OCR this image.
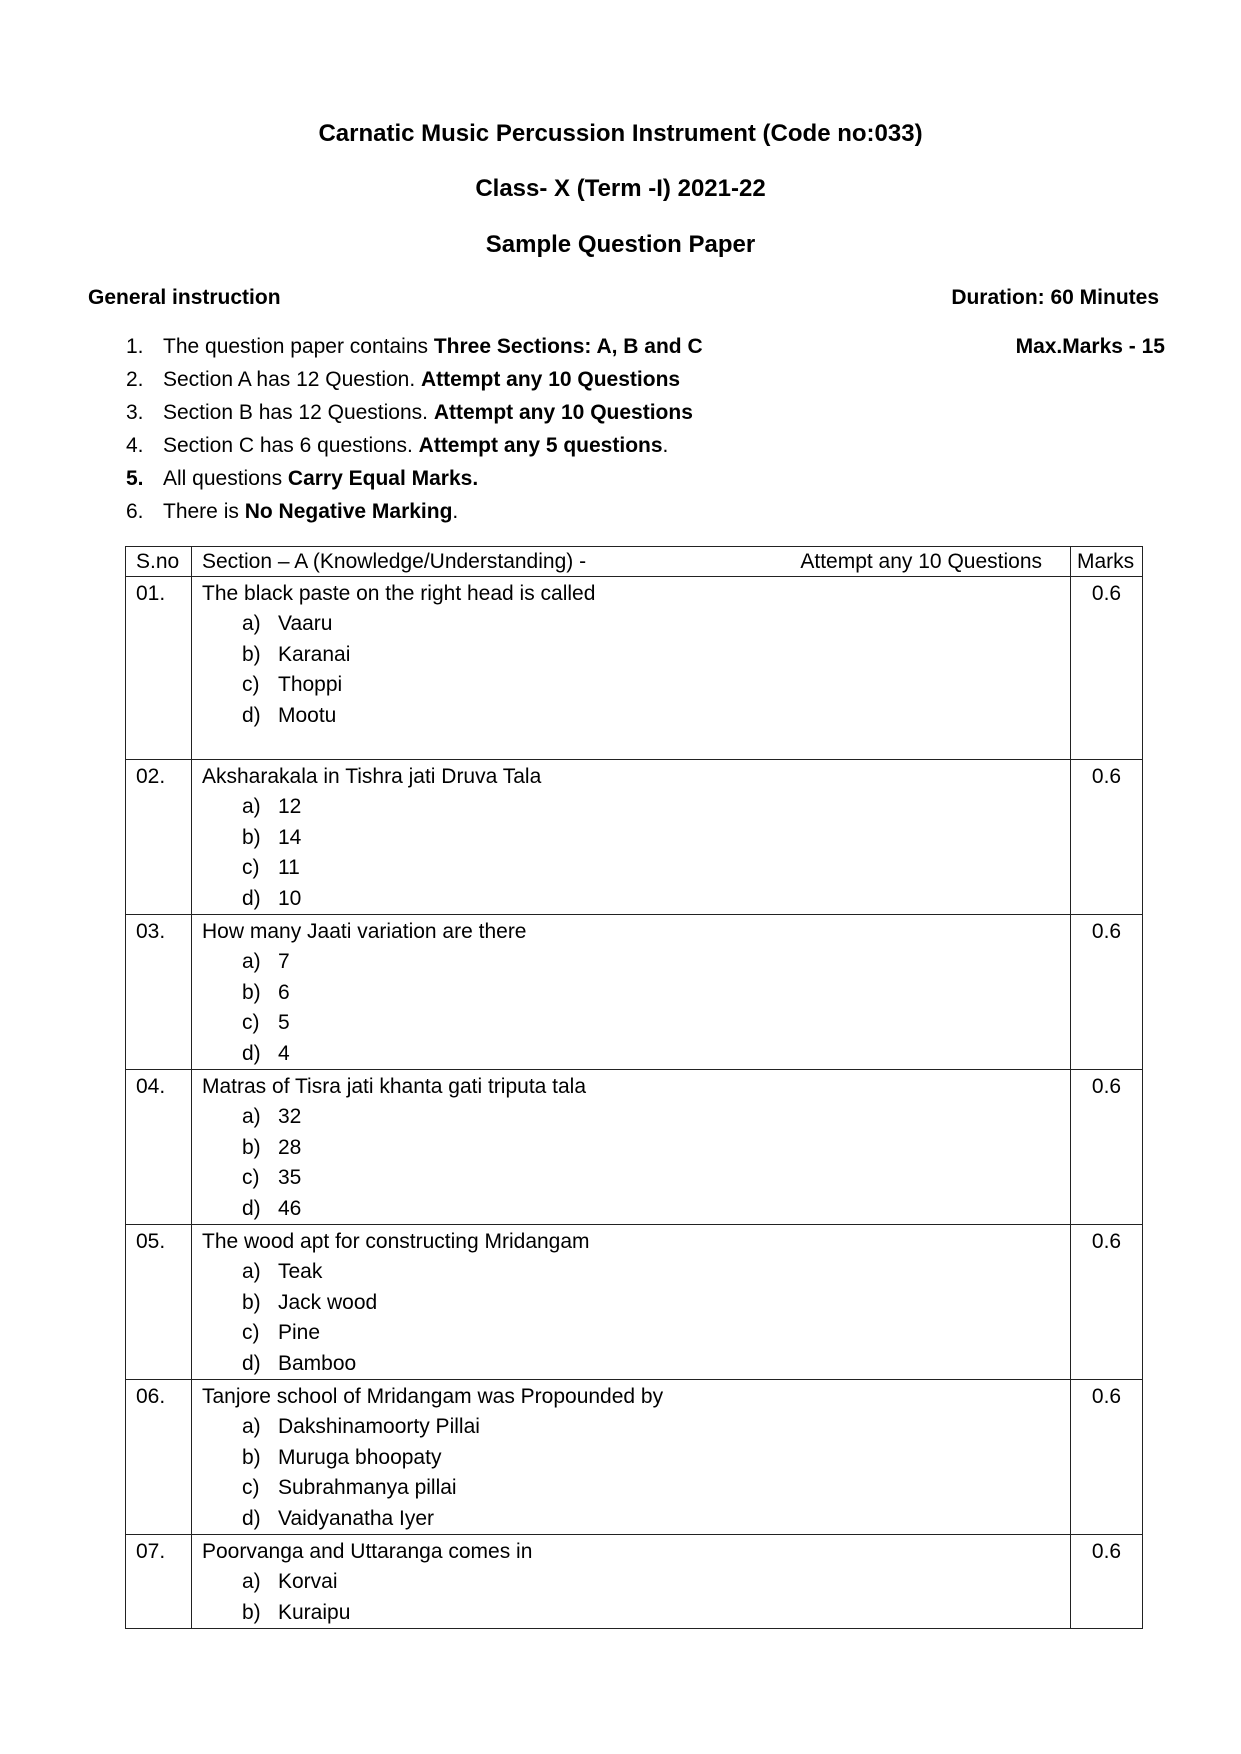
Carnatic Music Percussion Instrument (Code no:033)
Class- X (Term -I) 2021-22
Sample Question Paper
General instruction	Duration: 60 Minutes
Max.Marks - 15
1. The question paper contains Three Sections: A, B and C
2. Section A has 12 Question. Attempt any 10 Questions
3. Section B has 12 Questions. Attempt any 10 Questions
4. Section C has 6 questions. Attempt any 5 questions.
5. All questions Carry Equal Marks.
6. There is No Negative Marking.
S.no	Section – A (Knowledge/Understanding) - Attempt any 10 Questions	Marks
01.	The black paste on the right head is called
a) Vaaru
b) Karanai
c) Thoppi
d) Mootu	0.6
02.	Aksharakala in Tishra jati Druva Tala
a) 12
b) 14
c) 11
d) 10	0.6
03.	How many Jaati variation are there
a) 7
b) 6
c) 5
d) 4	0.6
04.	Matras of Tisra jati khanta gati triputa tala
a) 32
b) 28
c) 35
d) 46	0.6
05.	The wood apt for constructing Mridangam
a) Teak
b) Jack wood
c) Pine
d) Bamboo	0.6
06.	Tanjore school of Mridangam was Propounded by
a) Dakshinamoorty Pillai
b) Muruga bhoopaty
c) Subrahmanya pillai
d) Vaidyanatha Iyer	0.6
07.	Poorvanga and Uttaranga comes in
a) Korvai
b) Kuraipu	0.6
